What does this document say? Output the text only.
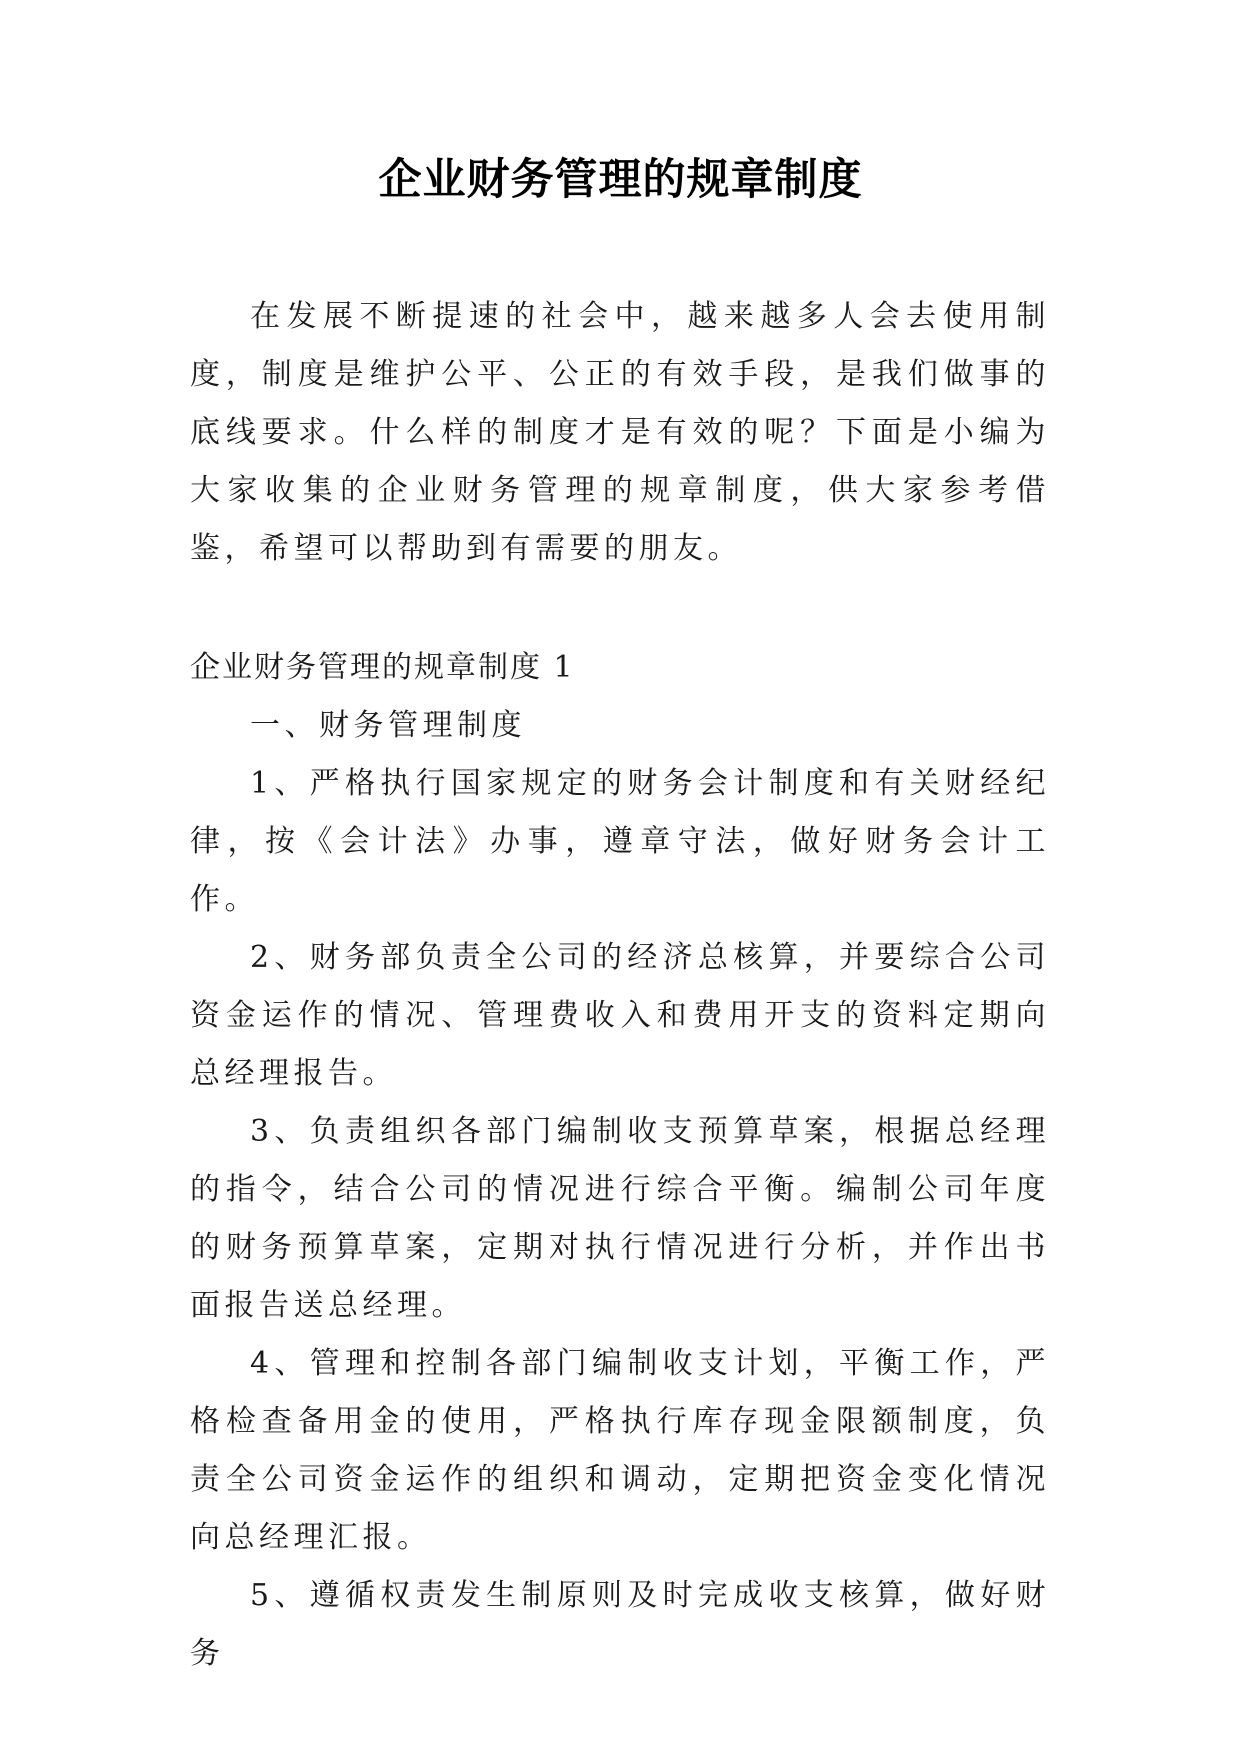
企业财务管理的规章制度

在发展不断提速的社会中，越来越多人会去使用制度，制度是维护公平、公正的有效手段，是我们做事的底线要求。什么样的制度才是有效的呢？下面是小编为大家收集的企业财务管理的规章制度，供大家参考借鉴，希望可以帮助到有需要的朋友。

企业财务管理的规章制度 1

一、财务管理制度

1、严格执行国家规定的财务会计制度和有关财经纪律，按《会计法》办事，遵章守法，做好财务会计工作。

2、财务部负责全公司的经济总核算，并要综合公司资金运作的情况、管理费收入和费用开支的资料定期向总经理报告。

3、负责组织各部门编制收支预算草案，根据总经理的指令，结合公司的情况进行综合平衡。编制公司年度的财务预算草案，定期对执行情况进行分析，并作出书面报告送总经理。

4、管理和控制各部门编制收支计划，平衡工作，严格检查备用金的使用，严格执行库存现金限额制度，负责全公司资金运作的组织和调动，定期把资金变化情况向总经理汇报。

5、遵循权责发生制原则及时完成收支核算，做好财务
